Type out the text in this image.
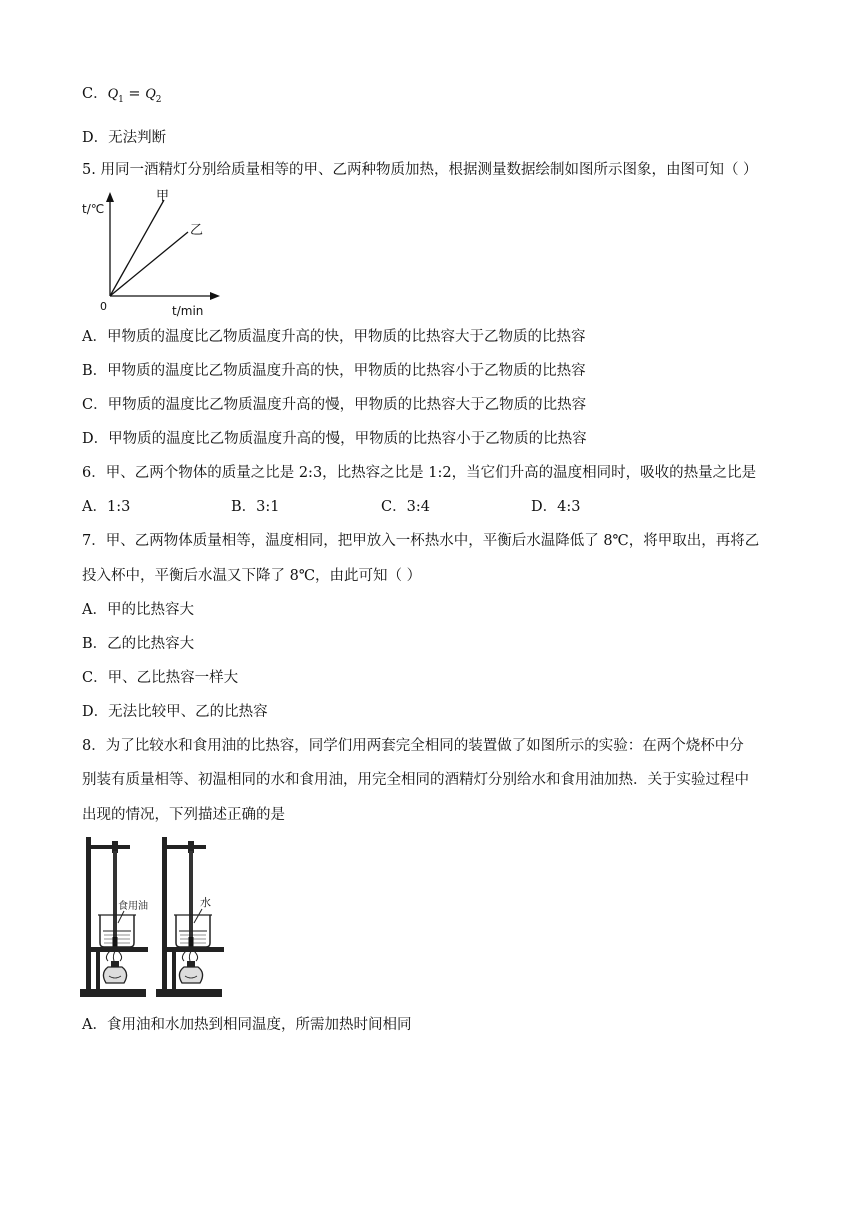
C．$Q_1 = Q_2$
D．无法判断
5. 用同一酒精灯分别给质量相等的甲、乙两种物质加热，根据测量数据绘制如图所示图象，由图可知（ ）
t/℃
t/min
0
甲
乙
A．甲物质的温度比乙物质温度升高的快，甲物质的比热容大于乙物质的比热容
B．甲物质的温度比乙物质温度升高的快，甲物质的比热容小于乙物质的比热容
C．甲物质的温度比乙物质温度升高的慢，甲物质的比热容大于乙物质的比热容
D．甲物质的温度比乙物质温度升高的慢，甲物质的比热容小于乙物质的比热容
6．甲、乙两个物体的质量之比是 2:3，比热容之比是 1:2，当它们升高的温度相同时，吸收的热量之比是
A．1:3	B．3:1	C．3:4	D．4:3
7．甲、乙两物体质量相等，温度相同，把甲放入一杯热水中，平衡后水温降低了 8℃，将甲取出，再将乙
投入杯中，平衡后水温又下降了 8℃，由此可知（ ）
A．甲的比热容大
B．乙的比热容大
C．甲、乙比热容一样大
D．无法比较甲、乙的比热容
8．为了比较水和食用油的比热容，同学们用两套完全相同的装置做了如图所示的实验：在两个烧杯中分
别装有质量相等、初温相同的水和食用油，用完全相同的酒精灯分别给水和食用油加热．关于实验过程中
出现的情况，下列描述正确的是
食用油	水
A．食用油和水加热到相同温度，所需加热时间相同
